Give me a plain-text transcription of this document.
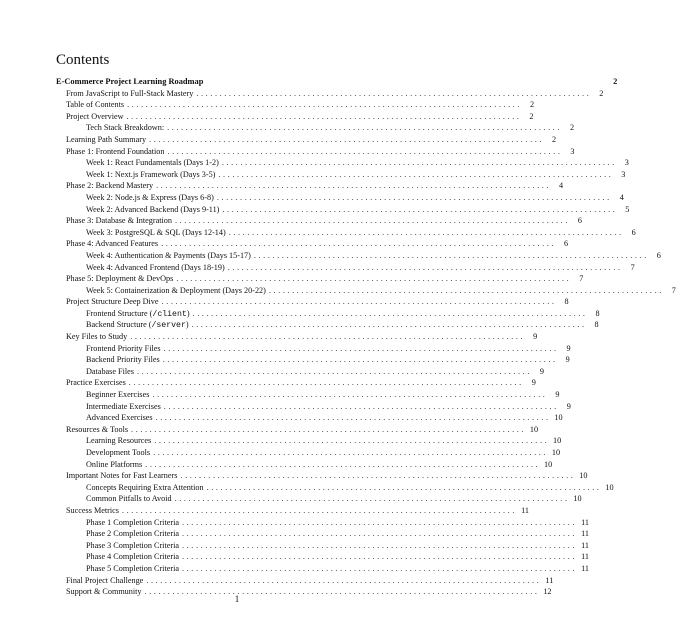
Contents
E-Commerce Project Learning Roadmap	2
From JavaScript to Full-Stack Mastery ..................................................................................... 2
Table of Contents ..................................................................................... 2
Project Overview ..................................................................................... 2
Tech Stack Breakdown: ..................................................................................... 2
Learning Path Summary ..................................................................................... 2
Phase 1: Frontend Foundation ..................................................................................... 3
Week 1: React Fundamentals (Days 1-2) ..................................................................................... 3
Week 1: Next.js Framework (Days 3-5) ..................................................................................... 3
Phase 2: Backend Mastery ..................................................................................... 4
Week 2: Node.js & Express (Days 6-8) ..................................................................................... 4
Week 2: Advanced Backend (Days 9-11) ..................................................................................... 5
Phase 3: Database & Integration ..................................................................................... 6
Week 3: PostgreSQL & SQL (Days 12-14) ..................................................................................... 6
Phase 4: Advanced Features ..................................................................................... 6
Week 4: Authentication & Payments (Days 15-17) ..................................................................................... 6
Week 4: Advanced Frontend (Days 18-19) ..................................................................................... 7
Phase 5: Deployment & DevOps ..................................................................................... 7
Week 5: Containerization & Deployment (Days 20-22) ..................................................................................... 7
Project Structure Deep Dive ..................................................................................... 8
Frontend Structure (/client) ..................................................................................... 8
Backend Structure (/server) ..................................................................................... 8
Key Files to Study ..................................................................................... 9
Frontend Priority Files ..................................................................................... 9
Backend Priority Files ..................................................................................... 9
Database Files ..................................................................................... 9
Practice Exercises ..................................................................................... 9
Beginner Exercises ..................................................................................... 9
Intermediate Exercises ..................................................................................... 9
Advanced Exercises ..................................................................................... 10
Resources & Tools ..................................................................................... 10
Learning Resources ..................................................................................... 10
Development Tools ..................................................................................... 10
Online Platforms ..................................................................................... 10
Important Notes for Fast Learners ..................................................................................... 10
Concepts Requiring Extra Attention ..................................................................................... 10
Common Pitfalls to Avoid ..................................................................................... 10
Success Metrics ..................................................................................... 11
Phase 1 Completion Criteria ..................................................................................... 11
Phase 2 Completion Criteria ..................................................................................... 11
Phase 3 Completion Criteria ..................................................................................... 11
Phase 4 Completion Criteria ..................................................................................... 11
Phase 5 Completion Criteria ..................................................................................... 11
Final Project Challenge ..................................................................................... 11
Support & Community ..................................................................................... 12
1
